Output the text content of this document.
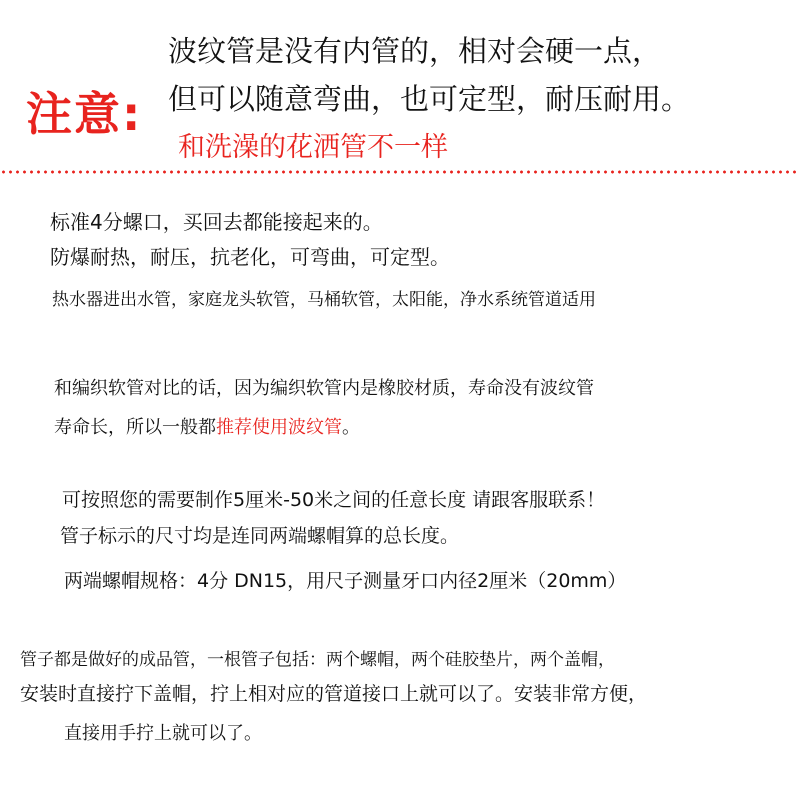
注意:
波纹管是没有内管的，相对会硬一点，
但可以随意弯曲，也可定型，耐压耐用。
和洗澡的花洒管不一样
标准4分螺口，买回去都能接起来的。
防爆耐热，耐压，抗老化，可弯曲，可定型。
热水器进出水管，家庭龙头软管，马桶软管，太阳能，净水系统管道适用
和编织软管对比的话，因为编织软管内是橡胶材质，寿命没有波纹管
寿命长，所以一般都推荐使用波纹管。
可按照您的需要制作5厘米-50米之间的任意长度 请跟客服联系！
管子标示的尺寸均是连同两端螺帽算的总长度。
两端螺帽规格：4分 DN15，用尺子测量牙口内径2厘米（20mm）
管子都是做好的成品管，一根管子包括：两个螺帽，两个硅胶垫片，两个盖帽，
安装时直接拧下盖帽，拧上相对应的管道接口上就可以了。安装非常方便，
直接用手拧上就可以了。
